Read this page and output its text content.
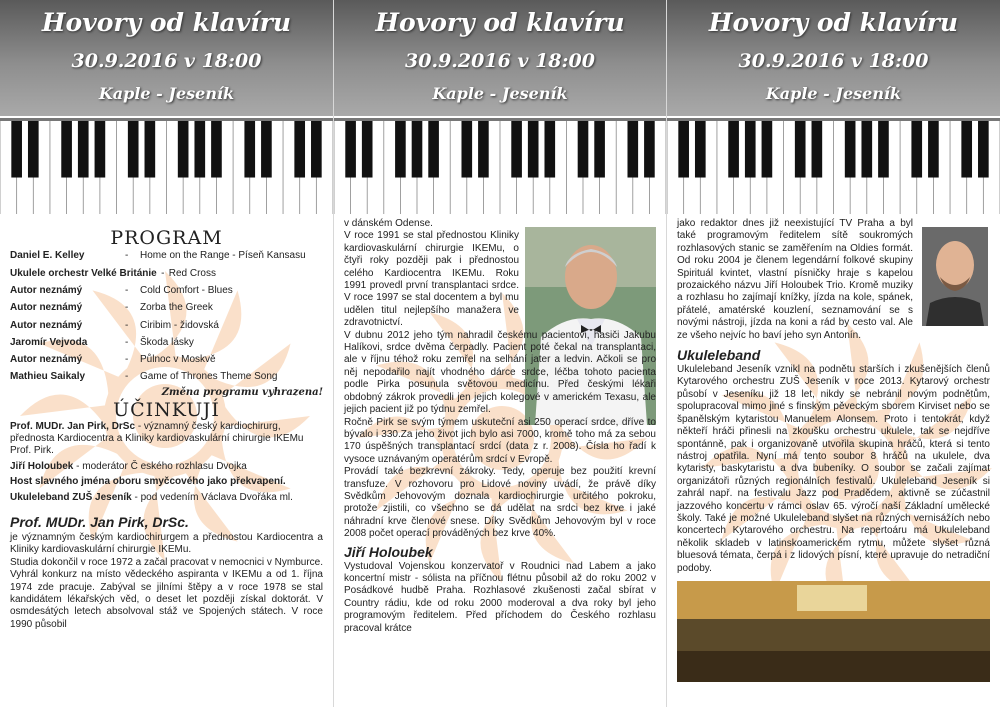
Hovory od klavíru
30.9.2016 v 18:00
Kaple - Jeseník
PROGRAM
Daniel E. Kelley	-	Home on the Range - Píseň Kansasu
Ukulele orchestr Velké Británie - Red Cross
Autor neznámý	-	Cold Comfort - Blues
Autor neznámý	-	Zorba the Greek
Autor neznámý	-	Ciribim - židovská
Jaromír Vejvoda	-	Škoda lásky
Autor neznámý	-	Půlnoc v Moskvě
Mathieu Saikaly	-	Game of Thrones Theme Song
Změna programu vyhrazena!
ÚČINKUJÍ
Prof. MUDr. Jan Pirk, DrSc - významný český kardiochirurg, přednosta Kardiocentra a Kliniky kardiovaskulární chirurgie IKEMu Prof. Pirk.
Jiří Holoubek - moderátor Č eského rozhlasu Dvojka
Host slavného jména oboru smyčcového jako překvapení.
Ukuleleband ZUŠ Jeseník - pod vedením Václava Dvořáka ml.
Prof. MUDr. Jan Pirk, DrSc.
je významným českým kardiochirurgem a přednostou Kardiocentra a Kliniky kardiovaskulární chirurgie IKEMu.
Studia dokončil v roce 1972 a začal pracovat v nemocnici v Nymburce. Vyhrál konkurz na místo vědeckého aspiranta v IKEMu a od 1. října 1974 zde pracuje. Zabýval se jilními štěpy a v roce 1978 se stal kandidátem lékařských věd, o deset let později získal doktorát. V osmdesátých letech absolvoval stáž ve Spojených státech. V roce 1990 působil
Hovory od klavíru
30.9.2016 v 18:00
Kaple - Jeseník
v dánském Odense.
V roce 1991 se stal přednostou Kliniky kardiovaskulární chirurgie IKEMu, o čtyři roky později pak i přednostou celého Kardiocentra IKEMu. Roku 1991 provedl první transplantaci srdce. V roce 1997 se stal docentem a byl mu udělen titul nejlepšího manažera ve zdravotnictví.
V dubnu 2012 jeho tým nahradil českému pacientovi, hasiči Jakubu Halíkovi, srdce dvěma čerpadly. Pacient poté čekal na transplantaci, ale v říjnu téhož roku zemřel na selhání jater a ledvin. Ačkoli se pro něj nepodařilo najít vhodného dárce srdce, léčba tohoto pacienta podle Pirka posunula světovou medicínu. Před českými lékaři obdobný zákrok provedli jen jejich kolegové v americkém Texasu, ale jejich pacient již po týdnu zemřel.
Ročně Pirk se svým týmem uskuteční asi 250 operací srdce, dříve to bývalo i 330.Za jeho život jich bylo asi 7000, kromě toho má za sebou 170 úspěšných transplantací srdcí (data z r. 2008). Čísla ho řadí k vysoce uznávaným operatérům srdcí v Evropě.
Provádí také bezkrevní zákroky. Tedy, operuje bez použití krevní transfuze. V rozhovoru pro Lidové noviny uvádí, že právě díky Svědkům Jehovovým doznala kardiochirurgie určitého pokroku, protože zjistili, co všechno se dá udělat na srdci bez krve i jaké náhradní krve členové snese. Díky Svědkům Jehovovým byl v roce 2008 počet operací prováděných bez krve 40%.
Jiří Holoubek
Vystudoval Vojenskou konzervatoř v Roudnici nad Labem a jako koncertní mistr - sólista na příčnou flétnu působil až do roku 2002 v Posádkové hudbě Praha. Rozhlasové zkušenosti začal sbírat v Country rádiu, kde od roku 2000 moderoval a dva roky byl jeho programovým ředitelem. Před příchodem do Českého rozhlasu pracoval krátce
Hovory od klavíru
30.9.2016 v 18:00
Kaple - Jeseník
jako redaktor dnes již neexistující TV Praha a byl také programovým ředitelem sítě soukromých rozhlasových stanic se zaměřením na Oldies formát. Od roku 2004 je členem legendární folkové skupiny Spirituál kvintet, vlastní písničky hraje s kapelou prozaického názvu Jiří Holoubek Trio. Kromě muziky a rozhlasu ho zajímají knížky, jízda na kole, spánek, přátelé, amatérské kouzlení, seznamování se s novými nástroji, jízda na koni a rád by cesto val. Ale ze všeho nejvíc ho baví jeho syn Antonín.
Ukuleleband
Ukuleleband Jeseník vznikl na podnětu starších i zkušenějších členů Kytarového orchestru ZUŠ Jeseník v roce 2013. Kytarový orchestr působí v Jeseníku již 18 let, nikdy se nebránil novým podnětům, spolupracoval mimo jiné s finským pěveckým sborem Kirviset nebo se španělským kytaristou Manuelem Alonsem. Proto i tentokrát, když někteří hráči přinesli na zkoušku orchestru ukulele, tak se nejdříve spontánně, pak i organizovaně utvořila skupina hráčů, která si tento nástroj opatřila. Nyní má tento soubor 8 hráčů na ukulele, dva kytaristy, baskytaristu a dva bubeníky. O soubor se začali zajímat organizátoři různých regionálních festivalů. Ukuleleband Jeseník si zahrál např. na festivalu Jazz pod Pradědem, aktivně se zúčastnil jazzového koncertu v rámci oslav 65. výročí naší Základní umělecké školy. Také je možné Ukuleleband slyšet na různých vernisážích nebo koncertech Kytarového orchestru. Na repertoáru má Ukuleleband několik skladeb v latinskoamerickém rytmu, můžete slyšet různá bluesová témata, čerpá i z lidových písní, které upravuje do netradiční podoby.
